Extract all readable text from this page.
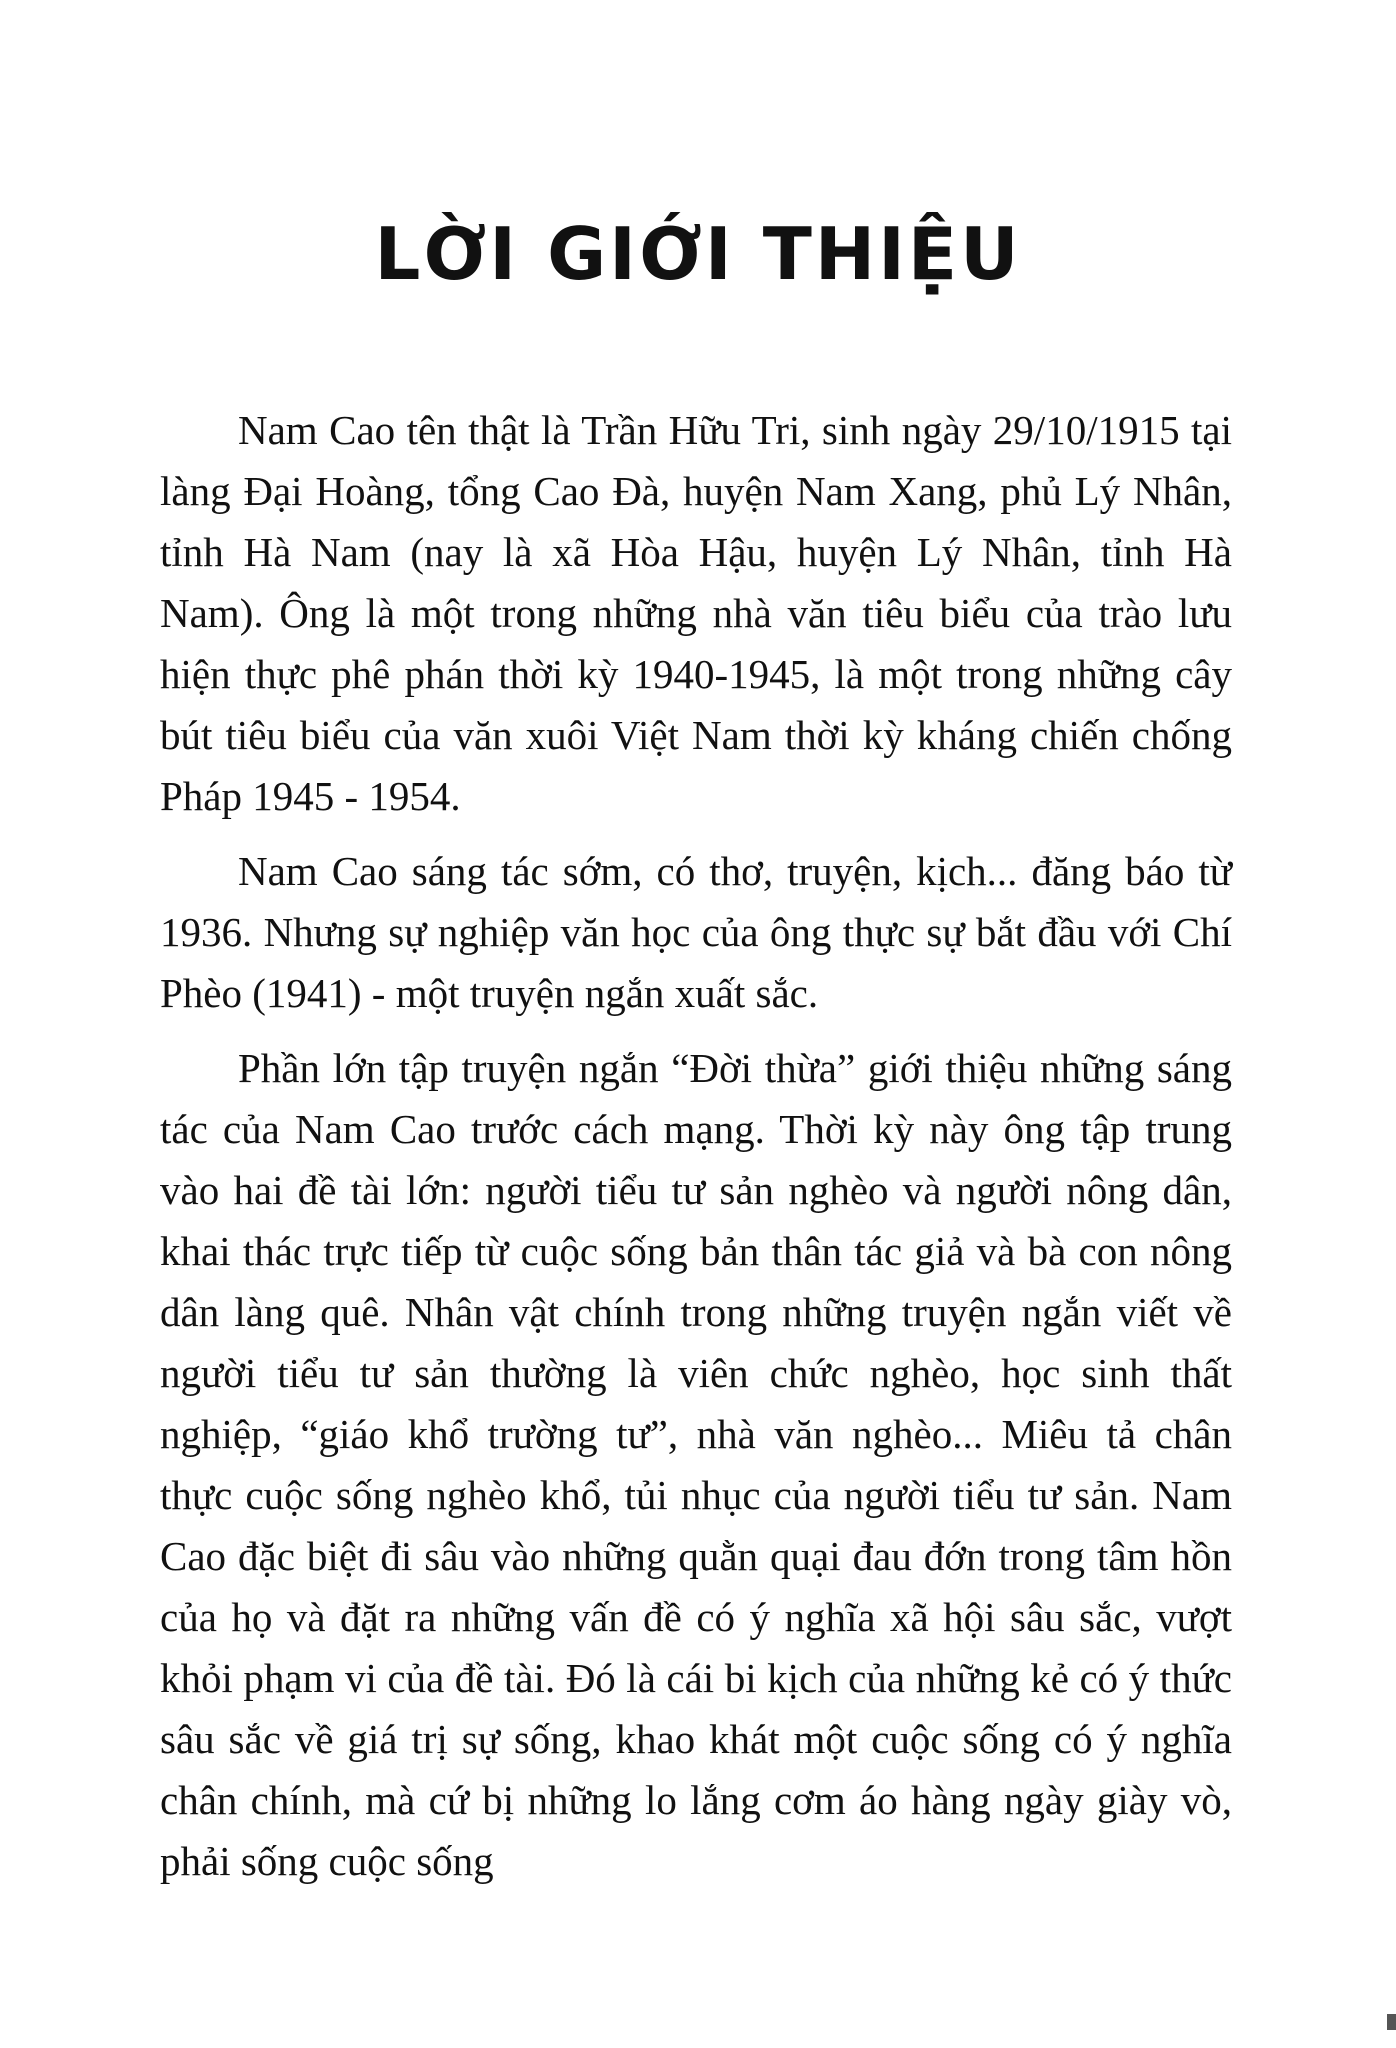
LỜI GIỚI THIỆU

Nam Cao tên thật là Trần Hữu Tri, sinh ngày 29/10/1915 tại làng Đại Hoàng, tổng Cao Đà, huyện Nam Xang, phủ Lý Nhân, tỉnh Hà Nam (nay là xã Hòa Hậu, huyện Lý Nhân, tỉnh Hà Nam). Ông là một trong những nhà văn tiêu biểu của trào lưu hiện thực phê phán thời kỳ 1940-1945, là một trong những cây bút tiêu biểu của văn xuôi Việt Nam thời kỳ kháng chiến chống Pháp 1945 - 1954.

Nam Cao sáng tác sớm, có thơ, truyện, kịch... đăng báo từ 1936. Nhưng sự nghiệp văn học của ông thực sự bắt đầu với Chí Phèo (1941) - một truyện ngắn xuất sắc.

Phần lớn tập truyện ngắn “Đời thừa” giới thiệu những sáng tác của Nam Cao trước cách mạng. Thời kỳ này ông tập trung vào hai đề tài lớn: người tiểu tư sản nghèo và người nông dân, khai thác trực tiếp từ cuộc sống bản thân tác giả và bà con nông dân làng quê. Nhân vật chính trong những truyện ngắn viết về người tiểu tư sản thường là viên chức nghèo, học sinh thất nghiệp, “giáo khổ trường tư”, nhà văn nghèo... Miêu tả chân thực cuộc sống nghèo khổ, tủi nhục của người tiểu tư sản. Nam Cao đặc biệt đi sâu vào những quằn quại đau đớn trong tâm hồn của họ và đặt ra những vấn đề có ý nghĩa xã hội sâu sắc, vượt khỏi phạm vi của đề tài. Đó là cái bi kịch của những kẻ có ý thức sâu sắc về giá trị sự sống, khao khát một cuộc sống có ý nghĩa chân chính, mà cứ bị những lo lắng cơm áo hàng ngày giày vò, phải sống cuộc sống
